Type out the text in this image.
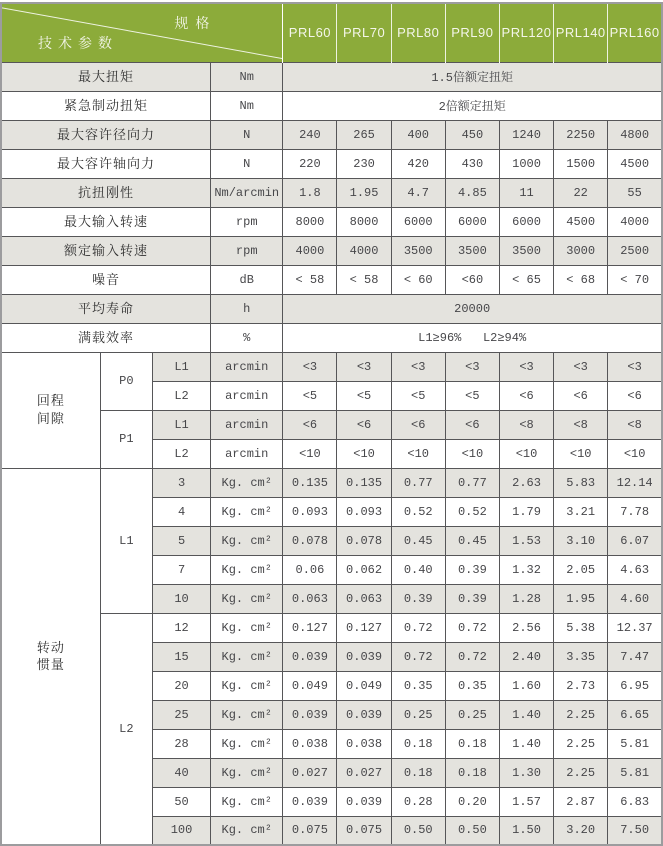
规格
技术参数				PRL60	PRL70	PRL80	PRL90	PRL120	PRL140	PRL160
最大扭矩			Nm	1.5倍额定扭矩						
紧急制动扭矩			Nm	2倍额定扭矩						
最大容许径向力			N	240	265	400	450	1240	2250	4800
最大容许轴向力			N	220	230	420	430	1000	1500	4500
抗扭刚性			Nm/arcmin	1.8	1.95	4.7	4.85	11	22	55
最大输入转速			rpm	8000	8000	6000	6000	6000	4500	4000
额定输入转速			rpm	4000	4000	3500	3500	3500	3000	2500
噪音			dB	< 58	< 58	< 60	<60	< 65	< 68	< 70
平均寿命			h	20000						
满载效率			%	L1≥96%   L2≥94%						
回程
间隙	P0	L1	arcmin	<3	<3	<3	<3	<3	<3	<3
		L2	arcmin	<5	<5	<5	<5	<6	<6	<6
	P1	L1	arcmin	<6	<6	<6	<6	<8	<8	<8
		L2	arcmin	<10	<10	<10	<10	<10	<10	<10
转动
惯量	L1	3	Kg. cm²	0.135	0.135	0.77	0.77	2.63	5.83	12.14
		4	Kg. cm²	0.093	0.093	0.52	0.52	1.79	3.21	7.78
		5	Kg. cm²	0.078	0.078	0.45	0.45	1.53	3.10	6.07
		7	Kg. cm²	0.06	0.062	0.40	0.39	1.32	2.05	4.63
		10	Kg. cm²	0.063	0.063	0.39	0.39	1.28	1.95	4.60
	L2	12	Kg. cm²	0.127	0.127	0.72	0.72	2.56	5.38	12.37
		15	Kg. cm²	0.039	0.039	0.72	0.72	2.40	3.35	7.47
		20	Kg. cm²	0.049	0.049	0.35	0.35	1.60	2.73	6.95
		25	Kg. cm²	0.039	0.039	0.25	0.25	1.40	2.25	6.65
		28	Kg. cm²	0.038	0.038	0.18	0.18	1.40	2.25	5.81
		40	Kg. cm²	0.027	0.027	0.18	0.18	1.30	2.25	5.81
		50	Kg. cm²	0.039	0.039	0.28	0.20	1.57	2.87	6.83
		100	Kg. cm²	0.075	0.075	0.50	0.50	1.50	3.20	7.50
